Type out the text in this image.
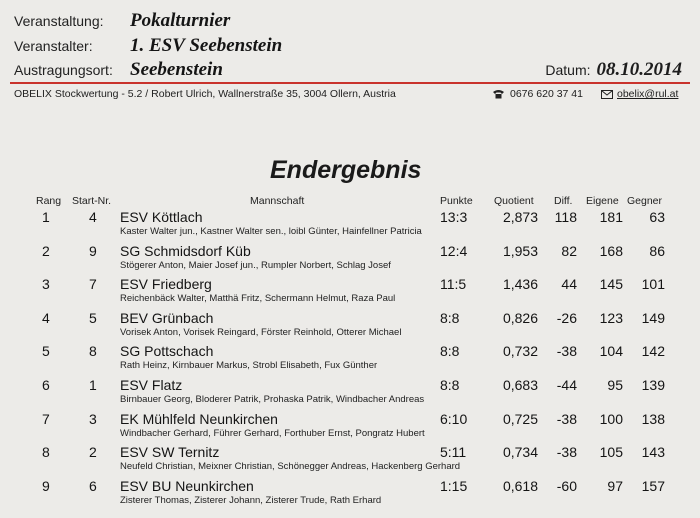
Veranstaltung:	Pokalturnier
Veranstalter:	1. ESV Seebenstein
Austragungsort: Seebenstein	Datum: 08.10.2014
OBELIX Stockwertung - 5.2 / Robert Ulrich, Wallnerstraße 35, 3004 Ollern, Austria	0676 620 37 41	obelix@rul.at
Endergebnis
Rang Start-Nr.	Mannschaft	Punkte Quotient Diff. Eigene Gegner
1	4 ESV Köttlach	13:3	2,873	118	181	63
Kaster Walter jun., Kastner Walter sen., loibl Günter, Hainfellner Patricia
2	9 SG Schmidsdorf Küb	12:4	1,953	82	168	86
Stögerer Anton, Maier Josef jun., Rumpler Norbert, Schlag Josef
3	7 ESV Friedberg	11:5	1,436	44	145	101
Reichenbäck Walter, Matthä Fritz, Schermann Helmut, Raza Paul
4	5 BEV Grünbach	8:8	0,826	-26	123	149
Vorisek Anton, Vorisek Reingard, Förster Reinhold, Otterer Michael
5	8 SG Pottschach	8:8	0,732	-38	104	142
Rath Heinz, Kirnbauer Markus, Strobl Elisabeth, Fux Günther
6	1 ESV Flatz	8:8	0,683	-44	95	139
Birnbauer Georg, Bloderer Patrik, Prohaska Patrik, Windbacher Andreas
7	3 EK Mühlfeld Neunkirchen	6:10	0,725	-38	100	138
Windbacher Gerhard, Führer Gerhard, Forthuber Ernst, Pongratz Hubert
8	2 ESV SW Ternitz	5:11	0,734	-38	105	143
Neufeld Christian, Meixner Christian, Schönegger Andreas, Hackenberg Gerhard
9	6 ESV BU Neunkirchen	1:15	0,618	-60	97	157
Zisterer Thomas, Zisterer Johann, Zisterer Trude, Rath Erhard
